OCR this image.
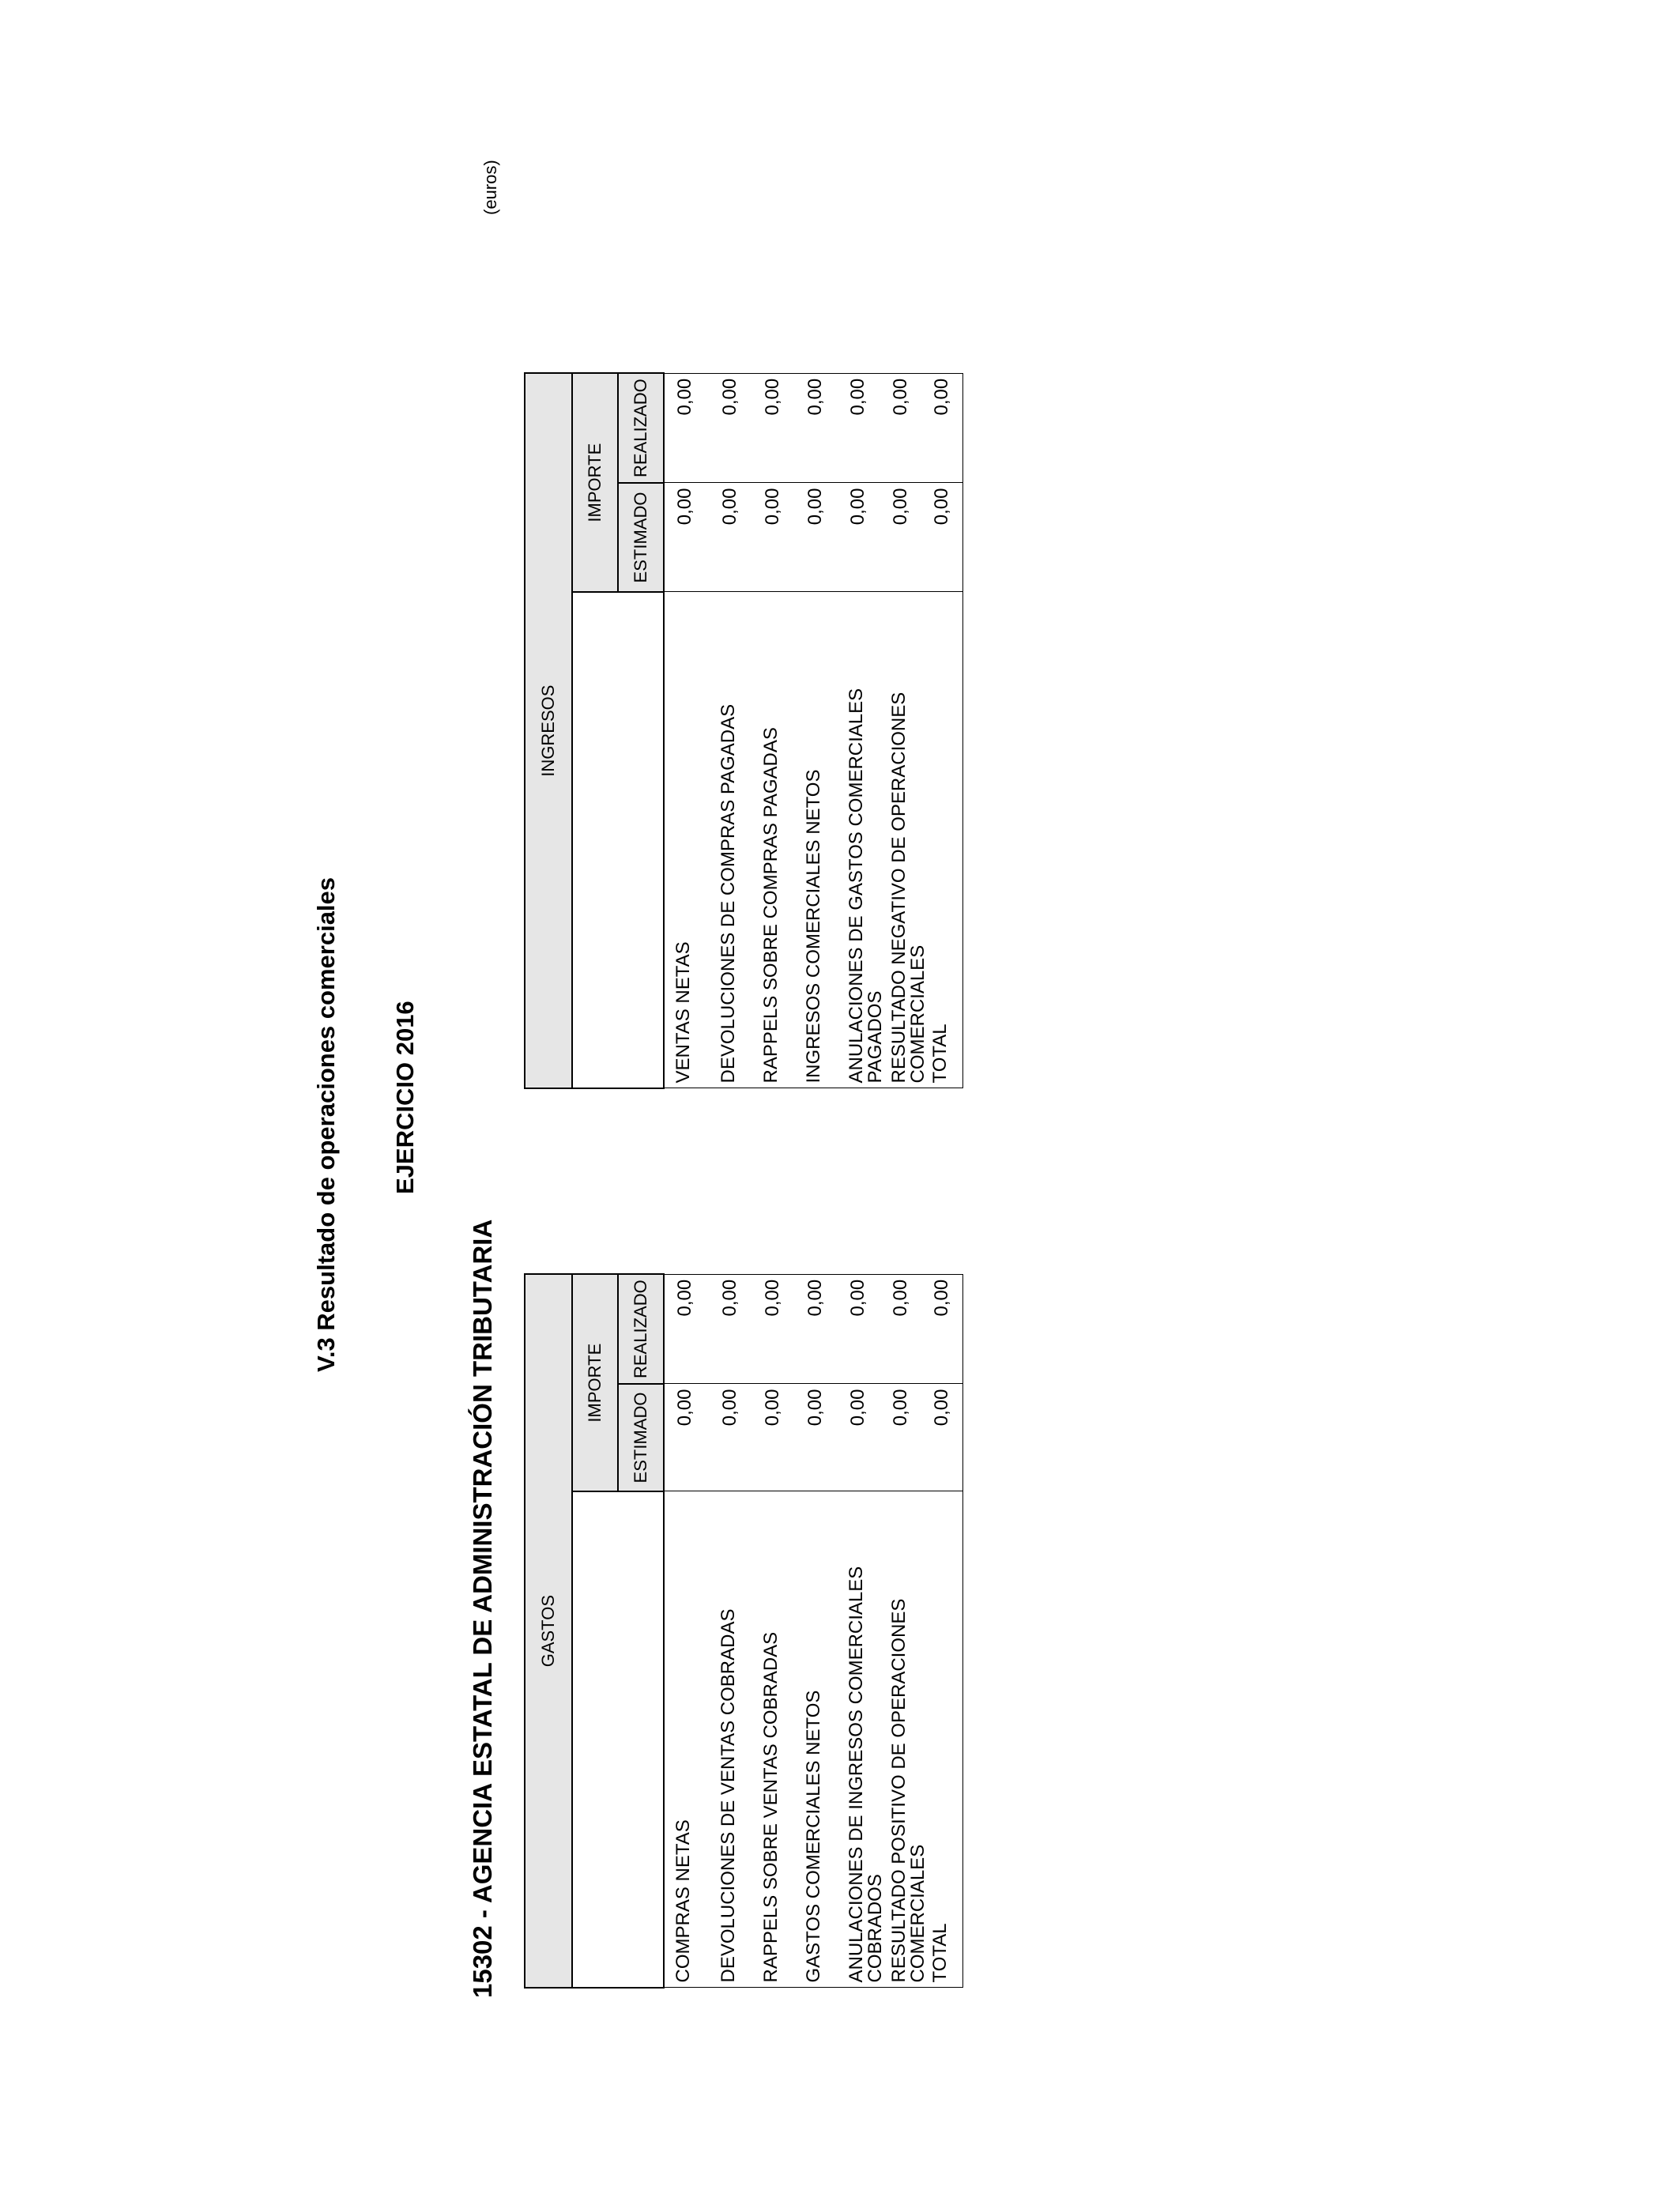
V.3 Resultado de operaciones comerciales EJERCICIO 2016
15302 - AGENCIA ESTATAL DE ADMINISTRACIÓN TRIBUTARIA
(euros)
GASTOS		
	IMPORTE	
	ESTIMADO	REALIZADO
COMPRAS NETAS	0,00	0,00
DEVOLUCIONES DE VENTAS COBRADAS	0,00	0,00
RAPPELS SOBRE VENTAS COBRADAS	0,00	0,00
GASTOS COMERCIALES NETOS	0,00	0,00
ANULACIONES DE INGRESOS COMERCIALES COBRADOS	0,00	0,00
RESULTADO POSITIVO DE OPERACIONES COMERCIALES	0,00	0,00
TOTAL	0,00	0,00
INGRESOS		
	IMPORTE	
	ESTIMADO	REALIZADO
VENTAS NETAS	0,00	0,00
DEVOLUCIONES DE COMPRAS PAGADAS	0,00	0,00
RAPPELS SOBRE COMPRAS PAGADAS	0,00	0,00
INGRESOS COMERCIALES NETOS	0,00	0,00
ANULACIONES DE GASTOS COMERCIALES PAGADOS	0,00	0,00
RESULTADO NEGATIVO DE OPERACIONES COMERCIALES	0,00	0,00
TOTAL	0,00	0,00
